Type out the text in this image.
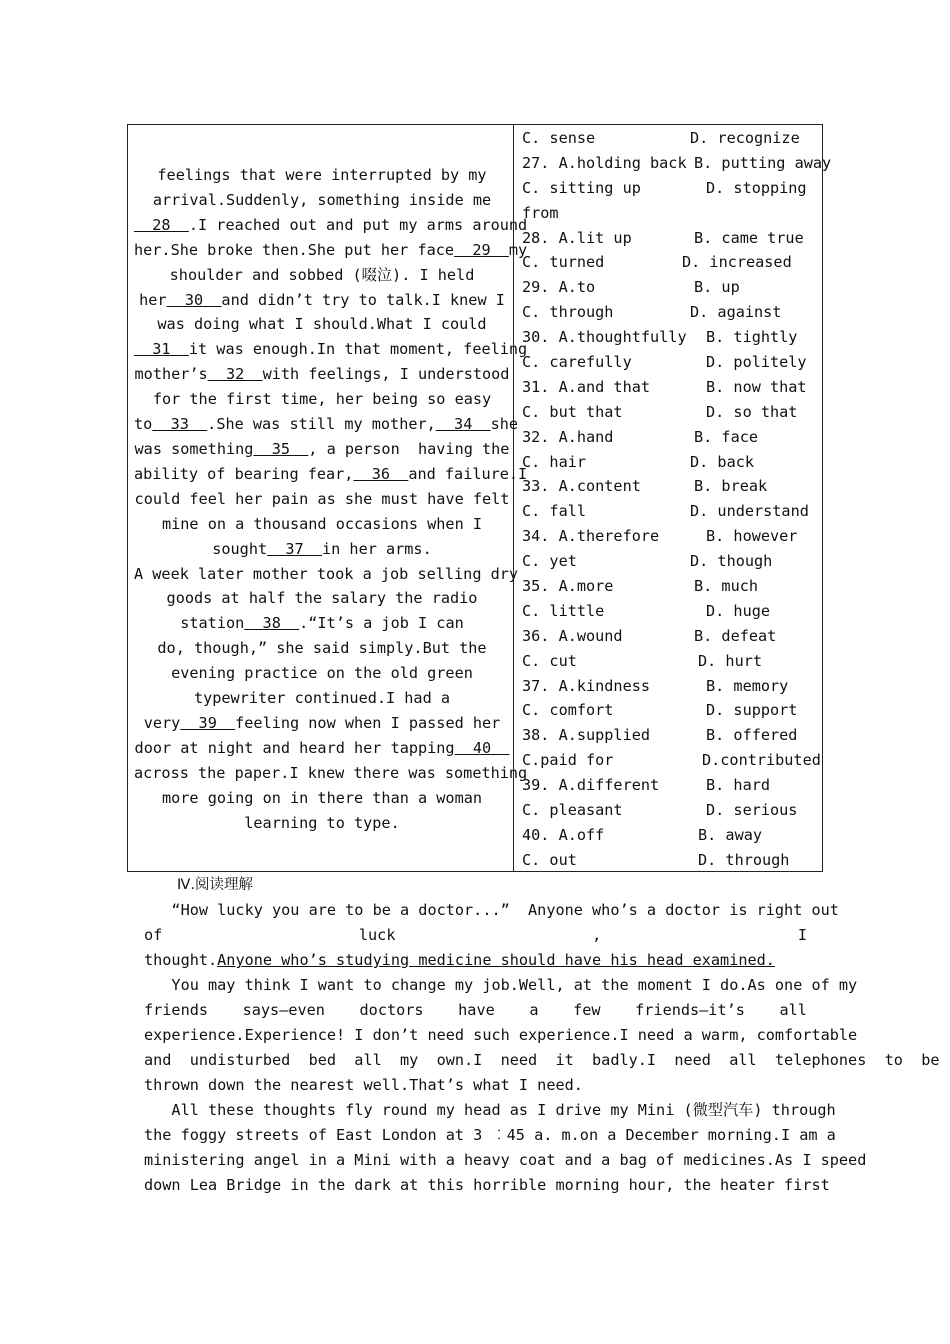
feelings that were interrupted by my
arrival.Suddenly, something inside me
28  .I reached out and put my arms around
her.She broke then.She put her face  29  my
shoulder and sobbed (啜泣). I held
her  30  and didn’t try to talk.I knew I
was doing what I should.What I could
31  it was enough.In that moment, feeling
mother’s  32  with feelings, I understood
for the first time, her being so easy
to  33  .She was still my mother,  34  she
was something  35  , a person  having the
ability of bearing fear,  36  and failure.I
could feel her pain as she must have felt
mine on a thousand occasions when I
sought  37  in her arms.
A week later mother took a job selling dry
goods at half the salary the radio
station  38  .“It’s a job I can
do, though,” she said simply.But the
evening practice on the old green
typewriter continued.I had a
very  39  feeling now when I passed her
door at night and heard her tapping  40
across the paper.I knew there was something
more going on in there than a woman
learning to type.
C. sense	D. recognize
27. A.holding back B. putting away
C. sitting up	D. stopping
from
28. A.lit up	B. came true
C. turned	D. increased
29. A.to	B. up
C. through	D. against
30. A.thoughtfully B. tightly
C. carefully	D. politely
31. A.and that	B. now that
C. but that	D. so that
32. A.hand	B. face
C. hair	D. back
33. A.content	B. break
C. fall	D. understand
34. A.therefore	B. however
C. yet	D. though
35. A.more	B. much
C. little	D. huge
36. A.wound	B. defeat
C. cut	D. hurt
37. A.kindness	B. memory
C. comfort	D. support
38. A.supplied	B. offered
C.paid for	D.contributed
39. A.different	B. hard
C. pleasant	D. serious
40. A.off	B. away
C. out	D. through
Ⅳ.阅读理解
“How lucky you are to be a doctor...”  Anyone who’s a doctor is right out
of	luck	,	I
thought.Anyone who’s studying medicine should have his head examined.
You may think I want to change my job.Well, at the moment I do.As one of my
friends says—even doctors have a few friends—it’s all
experience.Experience! I don’t need such experience.I need a warm, comfortable
and  undisturbed  bed  all  my  own.I  need  it  badly.I  need  all  telephones  to  be
thrown down the nearest well.That’s what I need.
All these thoughts fly round my head as I drive my Mini (微型汽车) through
the foggy streets of East London at 3 ︰45 a. m.on a December morning.I am a
ministering angel in a Mini with a heavy coat and a bag of medicines.As I speed
down Lea Bridge in the dark at this horrible morning hour, the heater first
